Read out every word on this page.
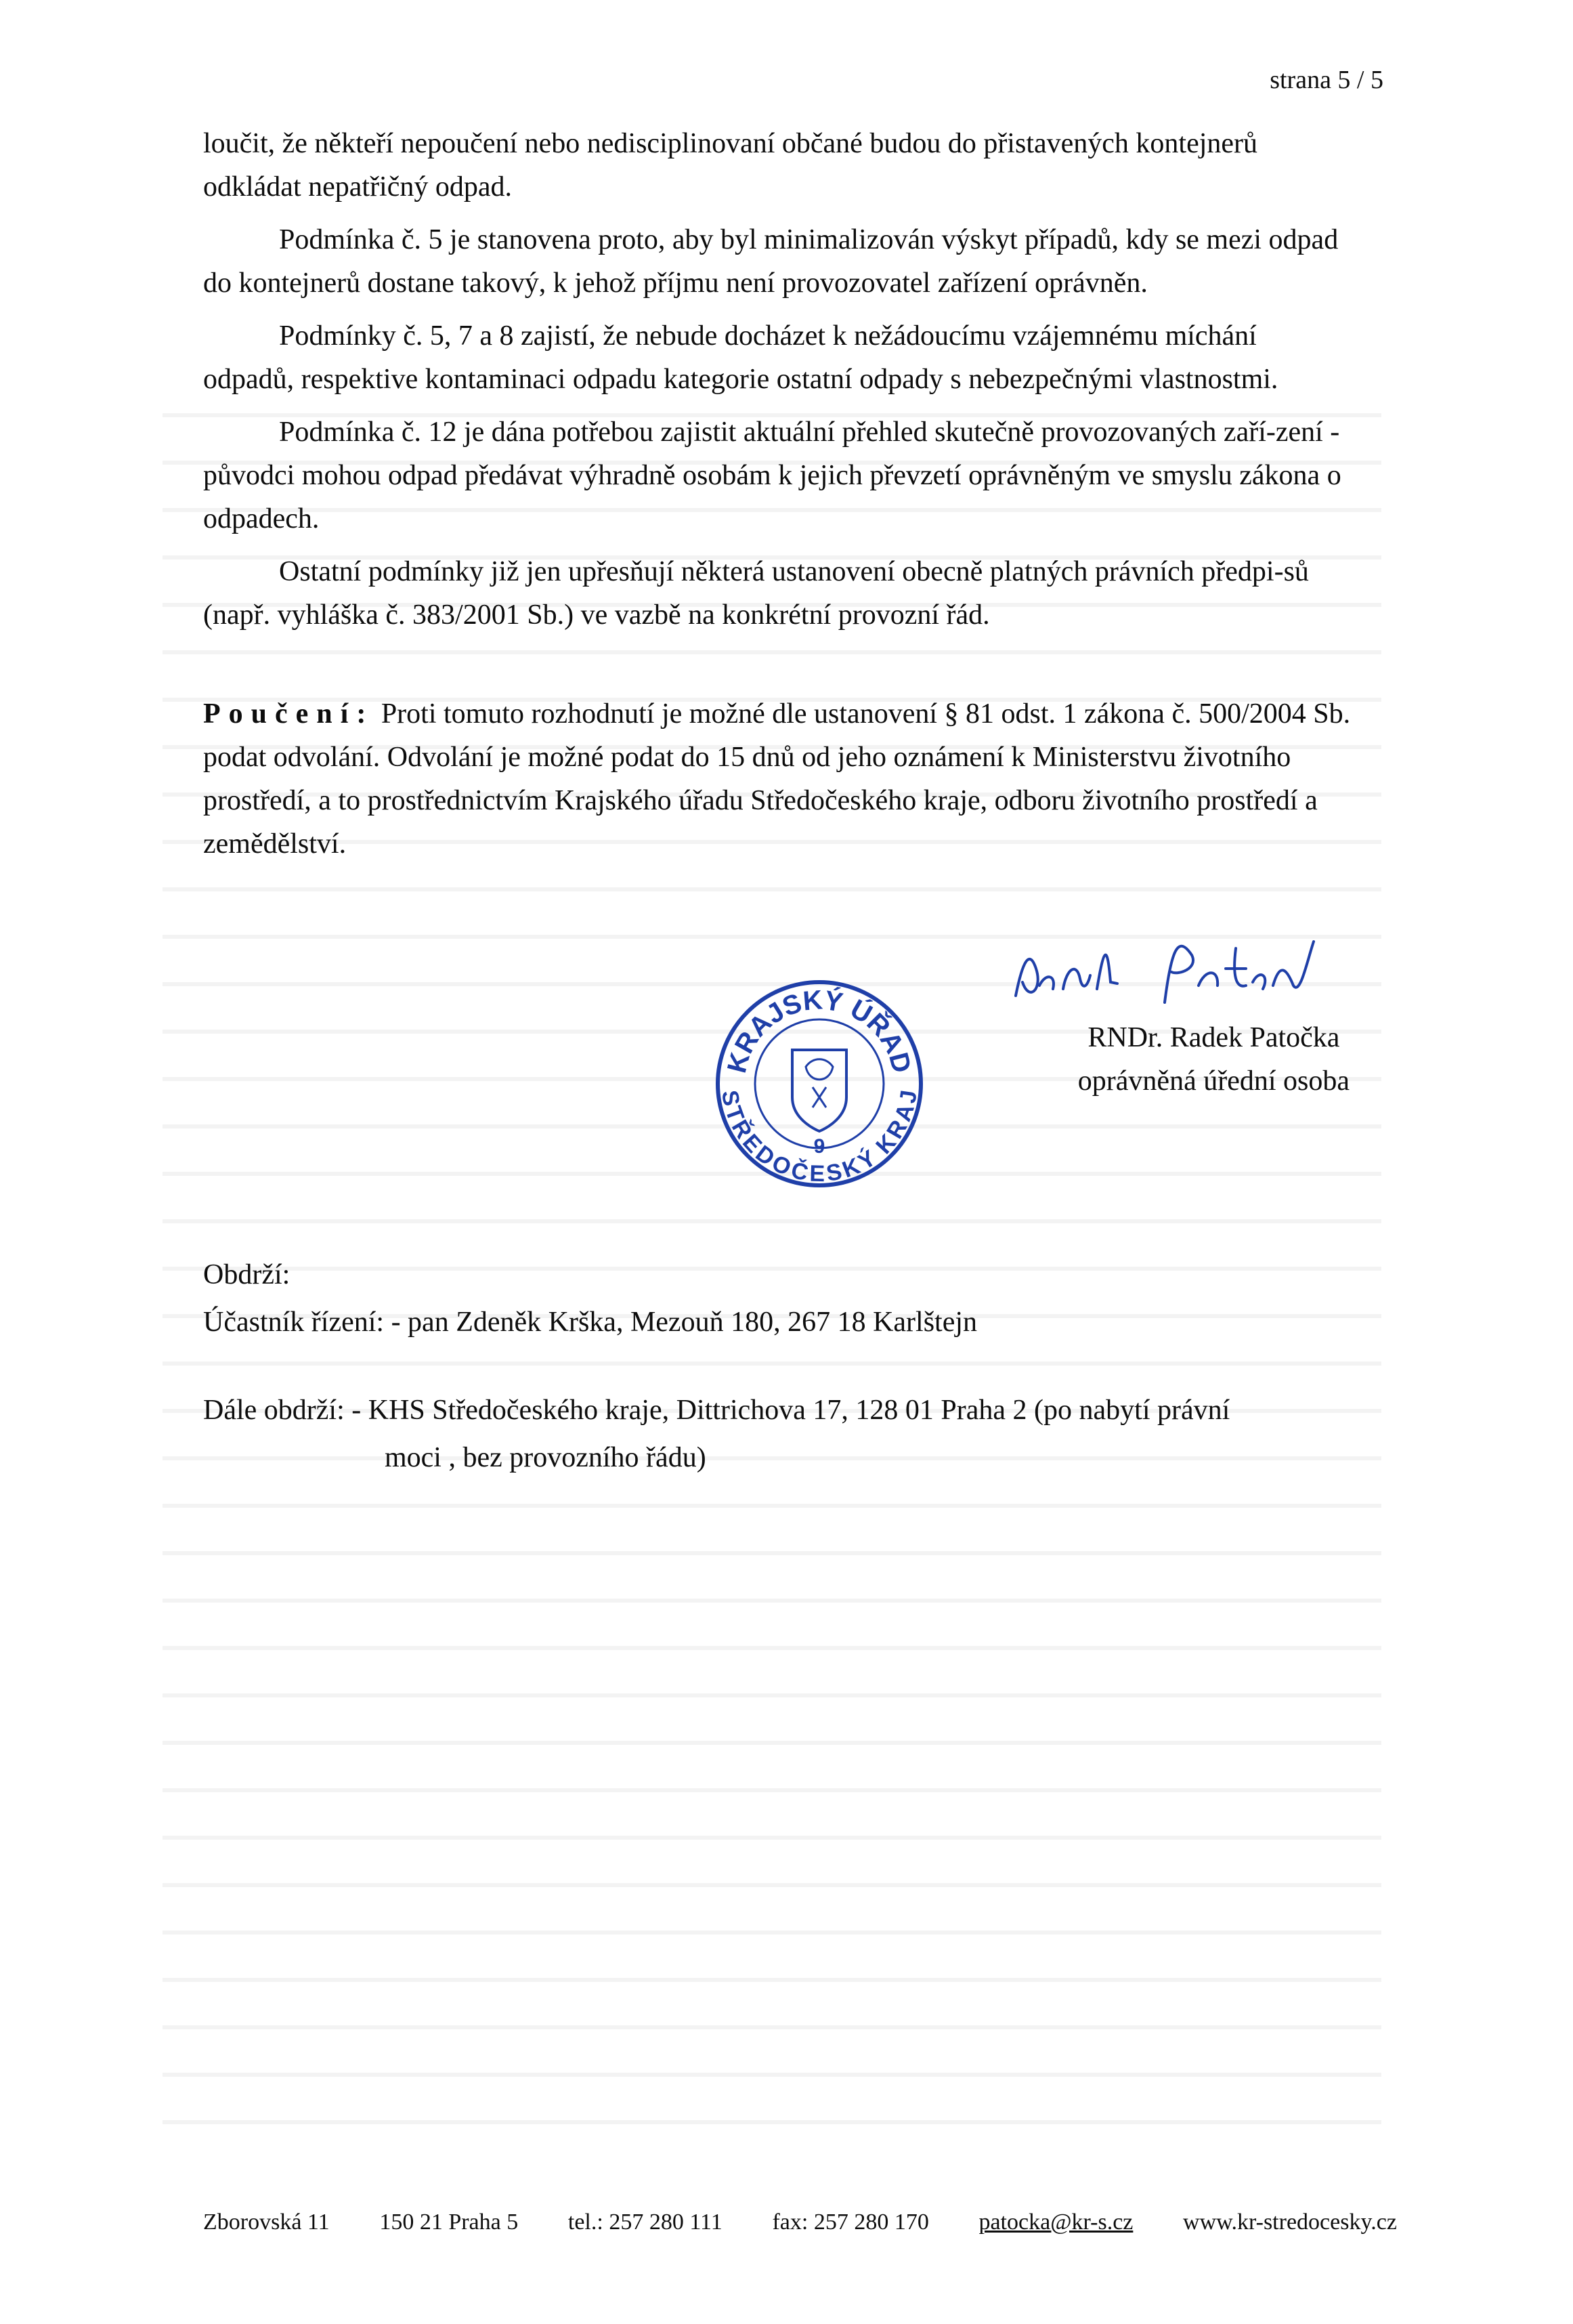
strana 5 / 5

loučit, že někteří nepoučení nebo nedisciplinovaní občané budou do přistavených kontejnerů odkládat nepatřičný odpad.

Podmínka č. 5 je stanovena proto, aby byl minimalizován výskyt případů, kdy se mezi odpad do kontejnerů dostane takový, k jehož příjmu není provozovatel zařízení oprávněn.

Podmínky č. 5, 7 a 8 zajistí, že nebude docházet k nežádoucímu vzájemnému míchání odpadů, respektive kontaminaci odpadu kategorie ostatní odpady s nebezpečnými vlastnostmi.

Podmínka č. 12 je dána potřebou zajistit aktuální přehled skutečně provozovaných zaří-zení - původci mohou odpad předávat výhradně osobám k jejich převzetí oprávněným ve smyslu zákona o odpadech.

Ostatní podmínky již jen upřesňují některá ustanovení obecně platných právních předpi-sů (např. vyhláška č. 383/2001 Sb.) ve vazbě na konkrétní provozní řád.

Poučení: Proti tomuto rozhodnutí je možné dle ustanovení § 81 odst. 1 zákona č. 500/2004 Sb. podat odvolání. Odvolání je možné podat do 15 dnů od jeho oznámení k Ministerstvu životního prostředí, a to prostřednictvím Krajského úřadu Středočeského kraje, odboru životního prostředí a zemědělství.
KRAJSKÝ ÚŘAD
STŘEDOČESKÝ KRAJ
9
RNDr. Radek Patočka
oprávněná úřední osoba
Obdrží:
Účastník řízení: - pan Zdeněk Krška, Mezouň 180, 267 18 Karlštejn
Dále obdrží: - KHS Středočeského kraje, Dittrichova 17, 128 01 Praha 2 (po nabytí právní
moci , bez provozního řádu)
Zborovská 11 150 21 Praha 5 tel.: 257 280 111 fax: 257 280 170 patocka@kr-s.cz www.kr-stredocesky.cz
